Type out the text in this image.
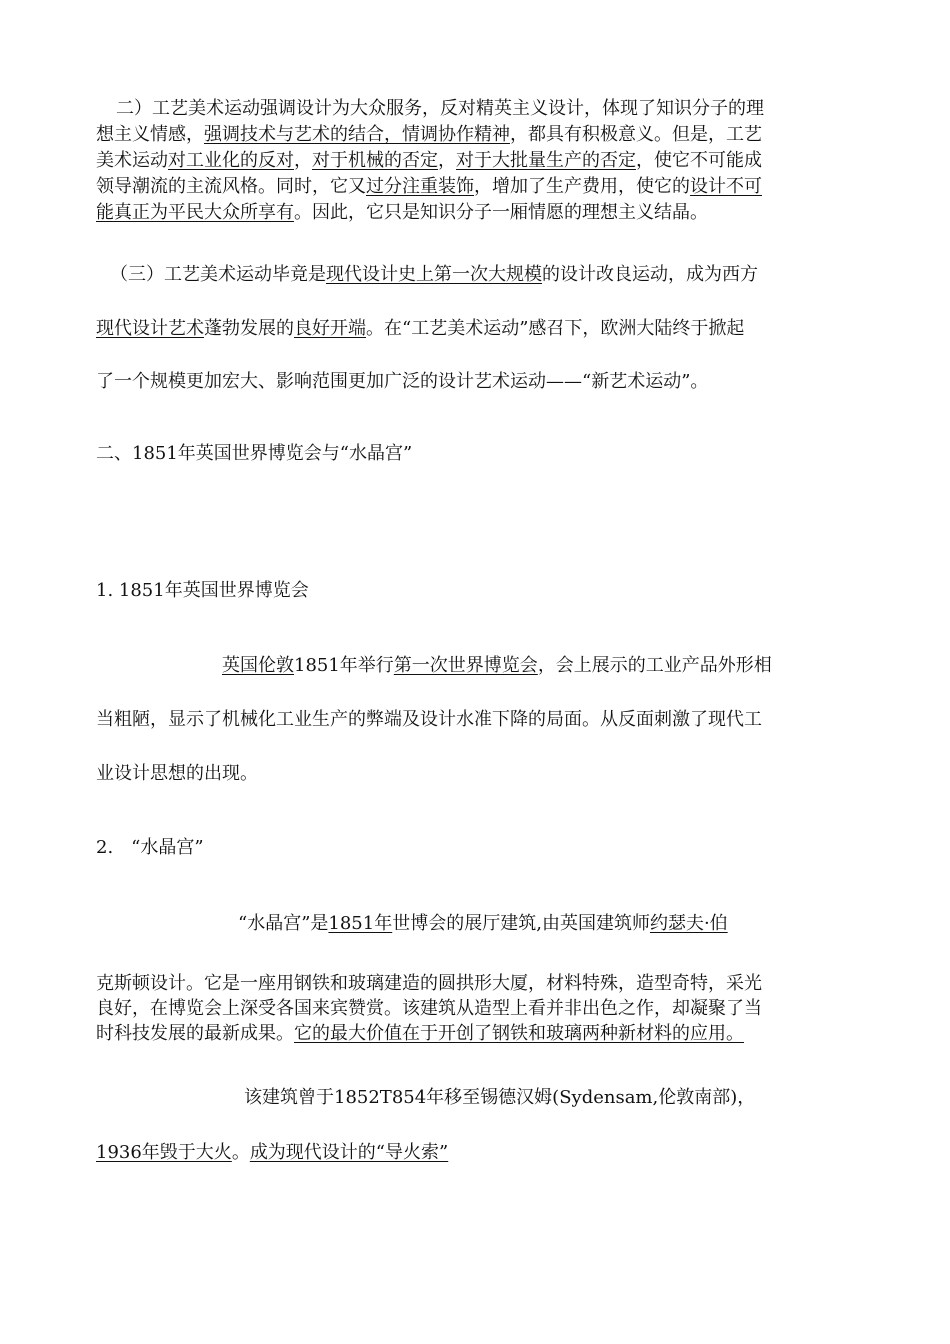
二）工艺美术运动强调设计为大众服务，反对精英主义设计，体现了知识分子的理
想主义情感，强调技术与艺术的结合，情调协作精神，都具有积极意义。但是，工艺
美术运动对工业化的反对，对于机械的否定，对于大批量生产的否定，使它不可能成
领导潮流的主流风格。同时，它又过分注重装饰，增加了生产费用，使它的设计不可
能真正为平民大众所享有。因此，它只是知识分子一厢情愿的理想主义结晶。
（三）工艺美术运动毕竟是现代设计史上第一次大规模的设计改良运动，成为西方
现代设计艺术蓬勃发展的良好开端。在“工艺美术运动”感召下，欧洲大陆终于掀起
了一个规模更加宏大、影响范围更加广泛的设计艺术运动——“新艺术运动”。
二、1851年英国世界博览会与“水晶宫”
1. 1851年英国世界博览会
英国伦敦1851年举行第一次世界博览会，会上展示的工业产品外形相
当粗陋，显示了机械化工业生产的弊端及设计水准下降的局面。从反面刺激了现代工
业设计思想的出现。
2.　“水晶宫”
“水晶宫”是1851年世博会的展厅建筑,由英国建筑师约瑟夫·伯
克斯顿设计。它是一座用钢铁和玻璃建造的圆拱形大厦，材料特殊，造型奇特，采光
良好，在博览会上深受各国来宾赞赏。该建筑从造型上看并非出色之作，却凝聚了当
时科技发展的最新成果。它的最大价值在于开创了钢铁和玻璃两种新材料的应用。
该建筑曾于1852T854年移至锡德汉姆(Sydensam,伦敦南部)，
1936年毁于大火。成为现代设计的“导火索”
